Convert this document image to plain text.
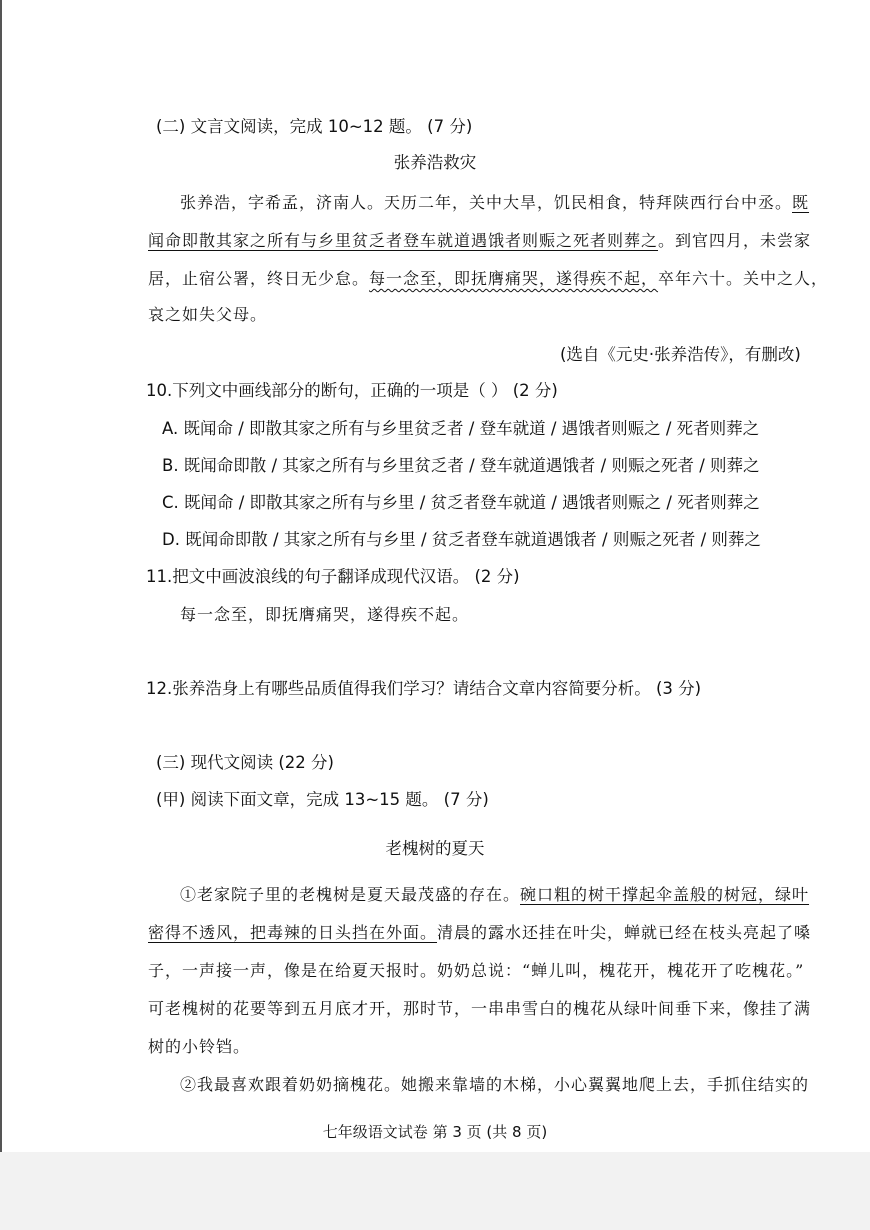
(二) 文言文阅读，完成 10~12 题。 (7 分)
张养浩救灾
张养浩，字希孟，济南人。天历二年，关中大旱，饥民相食，特拜陕西行台中丞。既
闻命即散其家之所有与乡里贫乏者登车就道遇饿者则赈之死者则葬之。到官四月，未尝家
居，止宿公署，终日无少怠。每一念至，即抚膺痛哭，遂得疾不起，卒年六十。关中之人，
哀之如失父母。
(选自《元史·张养浩传》，有删改)
10.下列文中画线部分的断句，正确的一项是（ ） (2 分)
A. 既闻命 / 即散其家之所有与乡里贫乏者 / 登车就道 / 遇饿者则赈之 / 死者则葬之
B. 既闻命即散 / 其家之所有与乡里贫乏者 / 登车就道遇饿者 / 则赈之死者 / 则葬之
C. 既闻命 / 即散其家之所有与乡里 / 贫乏者登车就道 / 遇饿者则赈之 / 死者则葬之
D. 既闻命即散 / 其家之所有与乡里 / 贫乏者登车就道遇饿者 / 则赈之死者 / 则葬之
11.把文中画波浪线的句子翻译成现代汉语。 (2 分)
每一念至，即抚膺痛哭，遂得疾不起。
12.张养浩身上有哪些品质值得我们学习？请结合文章内容简要分析。 (3 分)
(三) 现代文阅读 (22 分)
(甲) 阅读下面文章，完成 13~15 题。 (7 分)
老槐树的夏天
①老家院子里的老槐树是夏天最茂盛的存在。碗口粗的树干撑起伞盖般的树冠，绿叶
密得不透风，把毒辣的日头挡在外面。清晨的露水还挂在叶尖，蝉就已经在枝头亮起了嗓
子，一声接一声，像是在给夏天报时。奶奶总说：“蝉儿叫，槐花开，槐花开了吃槐花。”
可老槐树的花要等到五月底才开，那时节，一串串雪白的槐花从绿叶间垂下来，像挂了满
树的小铃铛。
②我最喜欢跟着奶奶摘槐花。她搬来靠墙的木梯，小心翼翼地爬上去，手抓住结实的
七年级语文试卷 第 3 页 (共 8 页)
